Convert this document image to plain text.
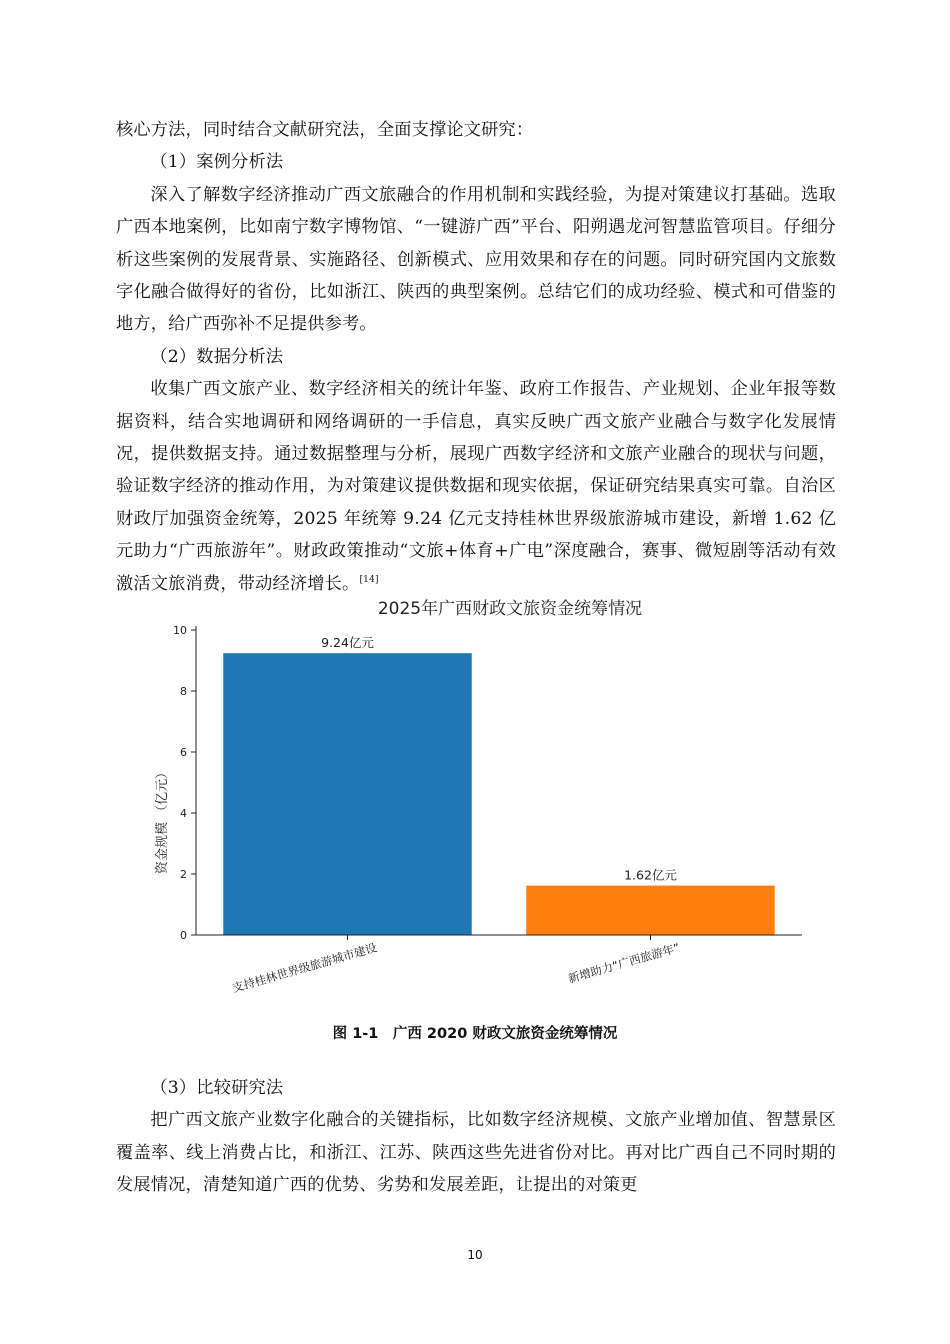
核心方法，同时结合文献研究法，全面支撑论文研究：

（1）案例分析法

深入了解数字经济推动广西文旅融合的作用机制和实践经验，为提对策建议打基础。选取广西本地案例，比如南宁数字博物馆、“一键游广西”平台、阳朔遇龙河智慧监管项目。仔细分析这些案例的发展背景、实施路径、创新模式、应用效果和存在的问题。同时研究国内文旅数字化融合做得好的省份，比如浙江、陕西的典型案例。总结它们的成功经验、模式和可借鉴的地方，给广西弥补不足提供参考。

（2）数据分析法

收集广西文旅产业、数字经济相关的统计年鉴、政府工作报告、产业规划、企业年报等数据资料，结合实地调研和网络调研的一手信息，真实反映广西文旅产业融合与数字化发展情况，提供数据支持。通过数据整理与分析，展现广西数字经济和文旅产业融合的现状与问题，验证数字经济的推动作用，为对策建议提供数据和现实依据，保证研究结果真实可靠。自治区财政厅加强资金统筹，2025 年统筹 9.24 亿元支持桂林世界级旅游城市建设，新增 1.62 亿元助力“广西旅游年”。财政政策推动“文旅+体育+广电”深度融合，赛事、微短剧等活动有效激活文旅消费，带动经济增长。[14]

2025年广西财政文旅资金统筹情况
0
2
4
6
8
10
9.24亿元
1.62亿元
支持桂林世界级旅游城市建设	新增助力“广西旅游年”
资金规模 （亿元）
图 1-1　广西 2020 财政文旅资金统筹情况

（3）比较研究法

把广西文旅产业数字化融合的关键指标，比如数字经济规模、文旅产业增加值、智慧景区覆盖率、线上消费占比，和浙江、江苏、陕西这些先进省份对比。再对比广西自己不同时期的发展情况，清楚知道广西的优势、劣势和发展差距，让提出的对策更

10
